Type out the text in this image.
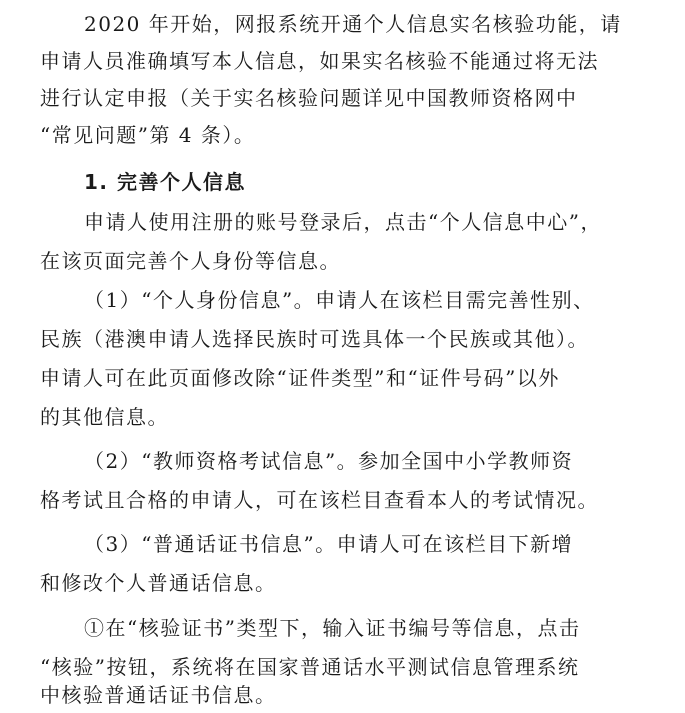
2020 年开始，网报系统开通个人信息实名核验功能，请
申请人员准确填写本人信息，如果实名核验不能通过将无法
进行认定申报（关于实名核验问题详见中国教师资格网中
“常见问题”第 4 条）。
1. 完善个人信息
申请人使用注册的账号登录后，点击“个人信息中心”，
在该页面完善个人身份等信息。
（1）“个人身份信息”。申请人在该栏目需完善性别、
民族（港澳申请人选择民族时可选具体一个民族或其他）。
申请人可在此页面修改除“证件类型”和“证件号码”以外
的其他信息。
（2）“教师资格考试信息”。参加全国中小学教师资
格考试且合格的申请人，可在该栏目查看本人的考试情况。
（3）“普通话证书信息”。申请人可在该栏目下新增
和修改个人普通话信息。
①在“核验证书”类型下，输入证书编号等信息，点击
“核验”按钮，系统将在国家普通话水平测试信息管理系统
中核验普通话证书信息。
